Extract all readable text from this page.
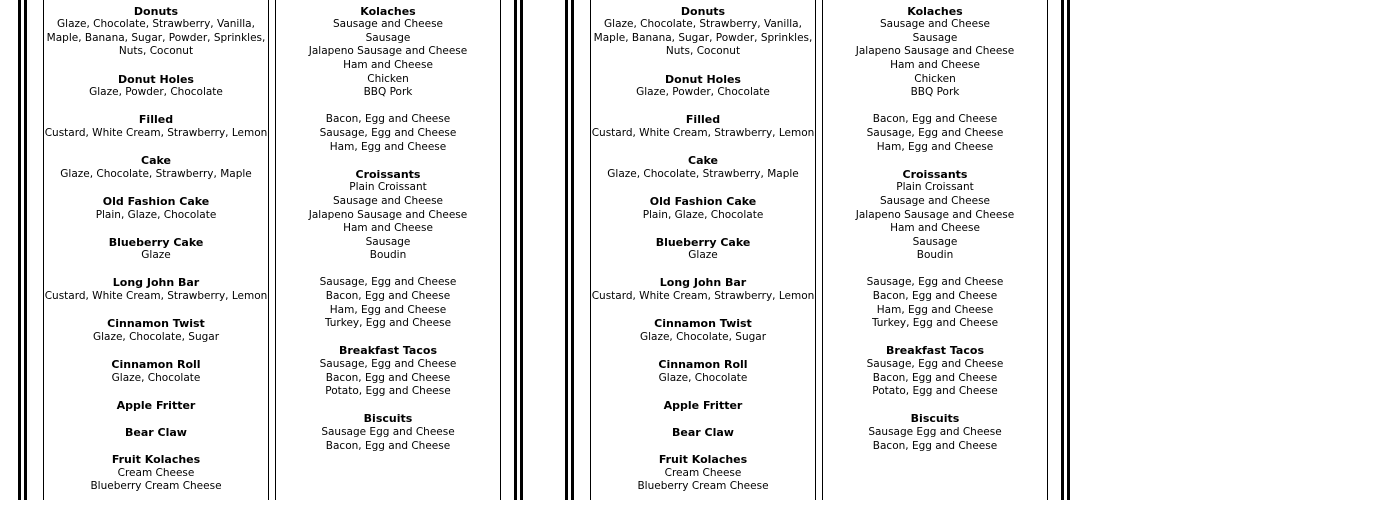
Donuts
Glaze, Chocolate, Strawberry, Vanilla,
Maple, Banana, Sugar, Powder, Sprinkles,
Nuts, Coconut
Donut Holes
Glaze, Powder, Chocolate
Filled
Custard, White Cream, Strawberry, Lemon
Cake
Glaze, Chocolate, Strawberry, Maple
Old Fashion Cake
Plain, Glaze, Chocolate
Blueberry Cake
Glaze
Long John Bar
Custard, White Cream, Strawberry, Lemon
Cinnamon Twist
Glaze, Chocolate, Sugar
Cinnamon Roll
Glaze, Chocolate
Apple Fritter
Bear Claw
Fruit Kolaches
Cream Cheese
Blueberry Cream Cheese
Kolaches
Sausage and Cheese
Sausage
Jalapeno Sausage and Cheese
Ham and Cheese
Chicken
BBQ Pork
Bacon, Egg and Cheese
Sausage, Egg and Cheese
Ham, Egg and Cheese
Croissants
Plain Croissant
Sausage and Cheese
Jalapeno Sausage and Cheese
Ham and Cheese
Sausage
Boudin
Sausage, Egg and Cheese
Bacon, Egg and Cheese
Ham, Egg and Cheese
Turkey, Egg and Cheese
Breakfast Tacos
Sausage, Egg and Cheese
Bacon, Egg and Cheese
Potato, Egg and Cheese
Biscuits
Sausage Egg and Cheese
Bacon, Egg and Cheese
Donuts
Glaze, Chocolate, Strawberry, Vanilla,
Maple, Banana, Sugar, Powder, Sprinkles,
Nuts, Coconut
Donut Holes
Glaze, Powder, Chocolate
Filled
Custard, White Cream, Strawberry, Lemon
Cake
Glaze, Chocolate, Strawberry, Maple
Old Fashion Cake
Plain, Glaze, Chocolate
Blueberry Cake
Glaze
Long John Bar
Custard, White Cream, Strawberry, Lemon
Cinnamon Twist
Glaze, Chocolate, Sugar
Cinnamon Roll
Glaze, Chocolate
Apple Fritter
Bear Claw
Fruit Kolaches
Cream Cheese
Blueberry Cream Cheese
Kolaches
Sausage and Cheese
Sausage
Jalapeno Sausage and Cheese
Ham and Cheese
Chicken
BBQ Pork
Bacon, Egg and Cheese
Sausage, Egg and Cheese
Ham, Egg and Cheese
Croissants
Plain Croissant
Sausage and Cheese
Jalapeno Sausage and Cheese
Ham and Cheese
Sausage
Boudin
Sausage, Egg and Cheese
Bacon, Egg and Cheese
Ham, Egg and Cheese
Turkey, Egg and Cheese
Breakfast Tacos
Sausage, Egg and Cheese
Bacon, Egg and Cheese
Potato, Egg and Cheese
Biscuits
Sausage Egg and Cheese
Bacon, Egg and Cheese
